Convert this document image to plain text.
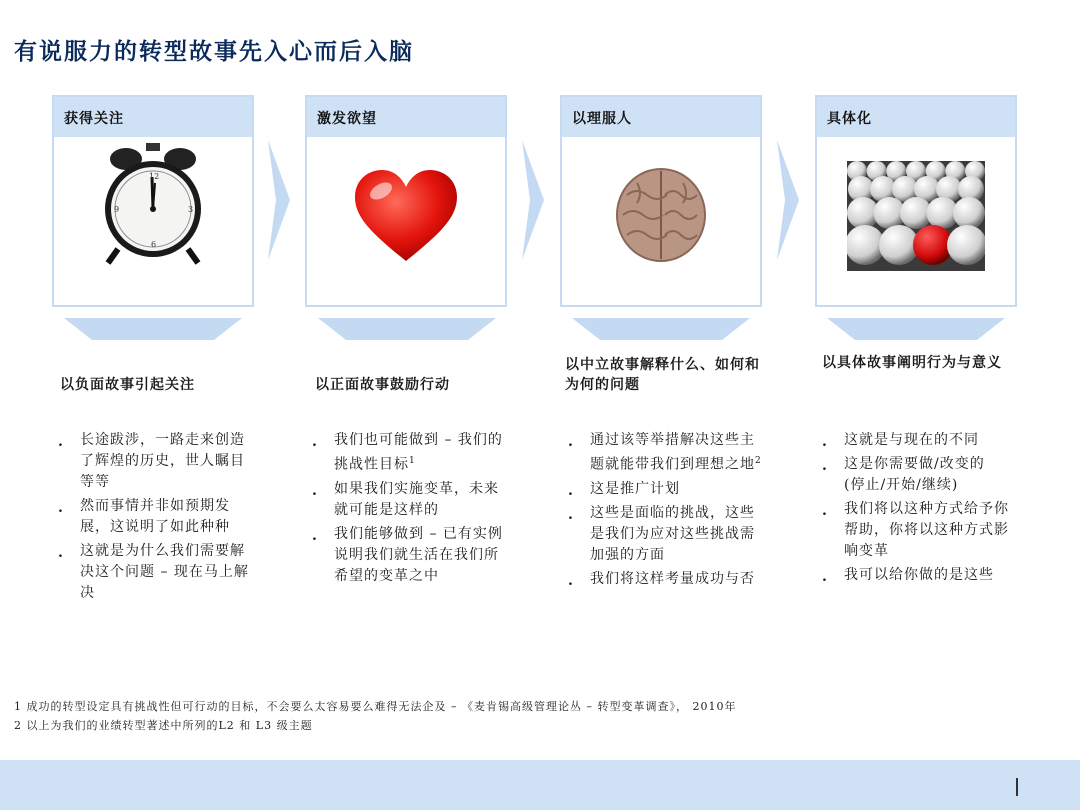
有说服力的转型故事先入心而后入脑
获得关注
12
3
6
9
激发欲望	以理服人	具体化
以负面故事引起关注	以正面故事鼓励行动
以中立故事解释什么、如何和为何的问题
以具体故事阐明行为与意义
. 长途跋涉，一路走来创造了辉煌的历史，世人瞩目等等
. 然而事情并非如预期发展，这说明了如此种种
. 这就是为什么我们需要解决这个问题 – 现在马上解决
. 我们也可能做到 – 我们的挑战性目标$^1$
. 如果我们实施变革，未来就可能是这样的
. 我们能够做到 – 已有实例说明我们就生活在我们所希望的变革之中
. 通过该等举措解决这些主题就能带我们到理想之地$^2$
. 这是推广计划
. 这些是面临的挑战，这些是我们为应对这些挑战需加强的方面
. 我们将这样考量成功与否
. 这就是与现在的不同
. 这是你需要做/改变的
(停止/开始/继续)
. 我们将以这种方式给予你帮助，你将以这种方式影响变革
. 我可以给你做的是这些
1 成功的转型设定具有挑战性但可行动的目标，不会要么太容易要么难得无法企及 – 《麦肯锡高级管理论丛 – 转型变革调查》， 2010年
2 以上为我们的业绩转型著述中所列的L2 和 L3 级主题
